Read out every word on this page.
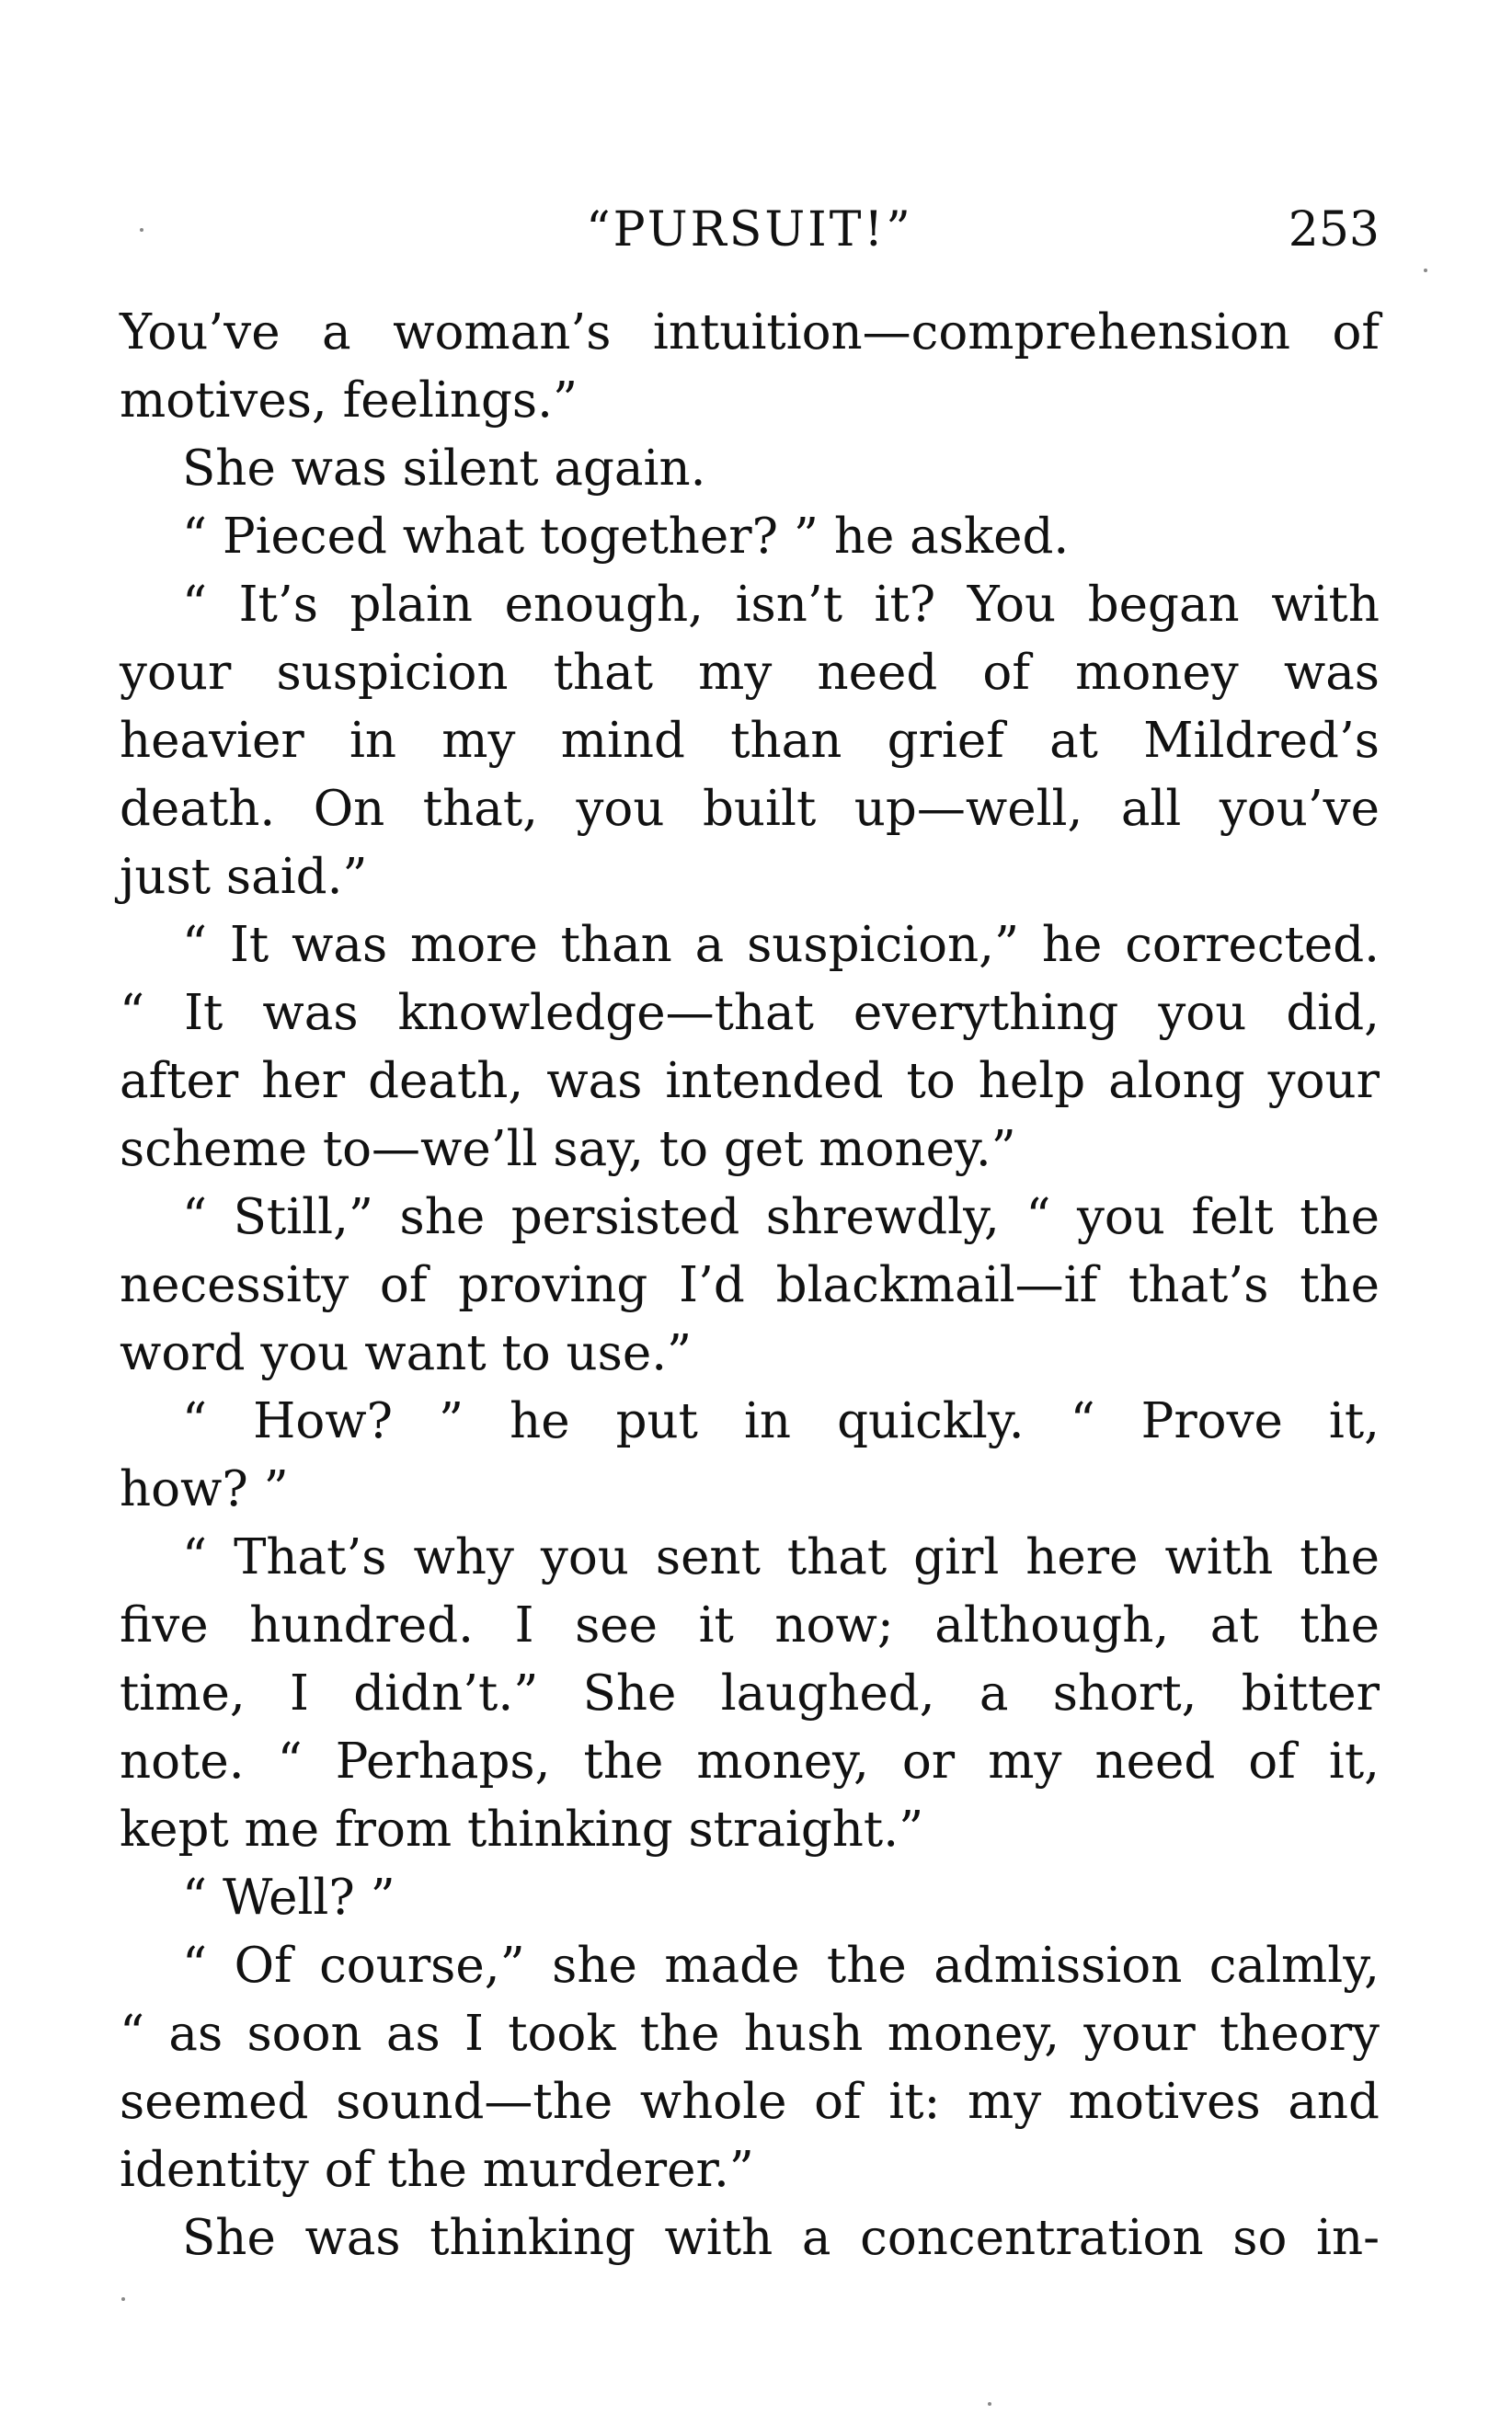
“PURSUIT!”	253
You’ve a woman’s intuition—comprehension of
motives, feelings.”
She was silent again.
“ Pieced what together? ” he asked.
“ It’s plain enough, isn’t it? You began with
your suspicion that my need of money was
heavier in my mind than grief at Mildred’s
death. On that, you built up—well, all you’ve
just said.”
“ It was more than a suspicion,” he corrected.
“ It was knowledge—that everything you did,
after her death, was intended to help along your
scheme to—we’ll say, to get money.”
“ Still,” she persisted shrewdly, “ you felt the
necessity of proving I’d blackmail—if that’s the
word you want to use.”
“ How? ” he put in quickly. “ Prove it,
how? ”
“ That’s why you sent that girl here with the
five hundred. I see it now; although, at the
time, I didn’t.” She laughed, a short, bitter
note. “ Perhaps, the money, or my need of it,
kept me from thinking straight.”
“ Well? ”
“ Of course,” she made the admission calmly,
“ as soon as I took the hush money, your theory
seemed sound—the whole of it: my motives and
identity of the murderer.”
She was thinking with a concentration so in-
